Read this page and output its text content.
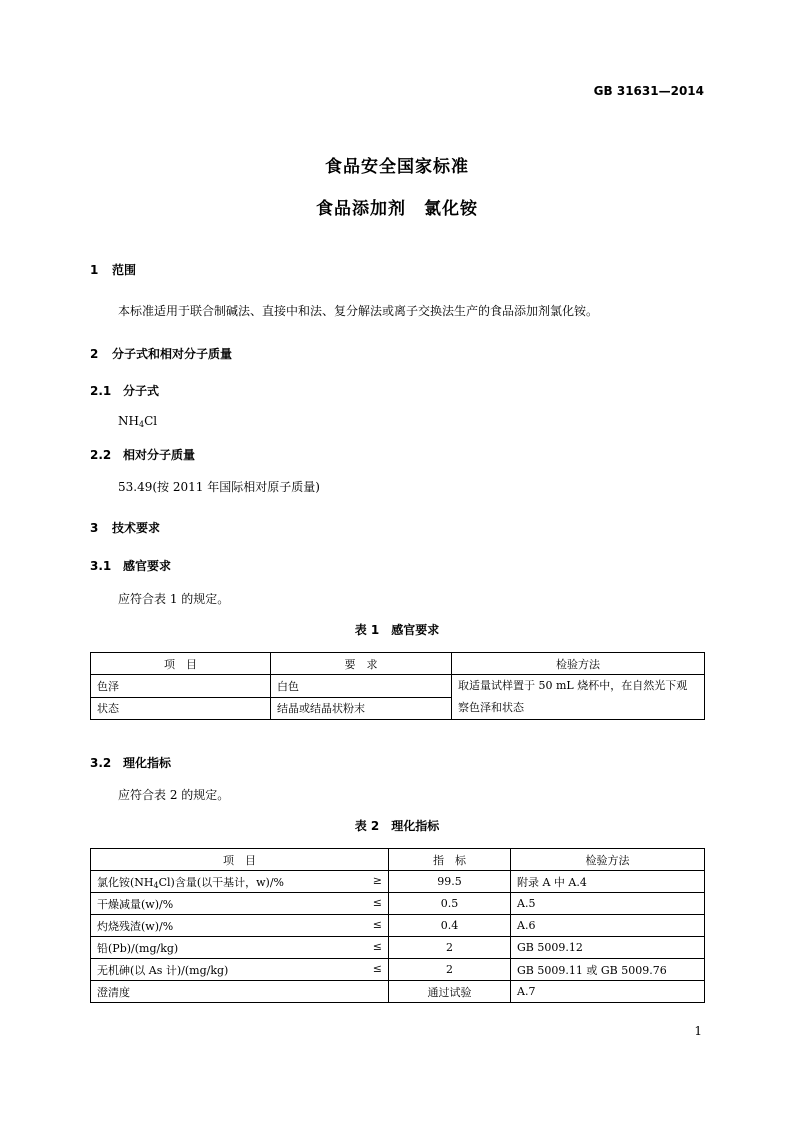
GB 31631—2014
食品安全国家标准
食品添加剂　氯化铵
1 范围
本标准适用于联合制碱法、直接中和法、复分解法或离子交换法生产的食品添加剂氯化铵。
2 分子式和相对分子质量
2.1 分子式
$NH_4Cl$
2.2 相对分子质量
53.49(按 2011 年国际相对原子质量)
3 技术要求
3.1 感官要求
应符合表 1 的规定。
表 1　感官要求
项　目	要　求	检验方法
色泽	白色	取适量试样置于 50 mL 烧杯中，在自然光下观
察色泽和状态
状态	结晶或结晶状粉末	
3.2 理化指标
应符合表 2 的规定。
表 2　理化指标
项　目	指　标	检验方法
氯化铵$(NH_4Cl)$含量(以干基计，w)/% ≥	99.5	附录 A 中 A.4
干燥减量(w)/% ≤	0.5	A.5
灼烧残渣(w)/% ≤	0.4	A.6
铅(Pb)/(mg/kg) ≤	2	GB 5009.12
无机砷(以 As 计)/(mg/kg) ≤	2	GB 5009.11 或 GB 5009.76
澄清度	通过试验	A.7
1
